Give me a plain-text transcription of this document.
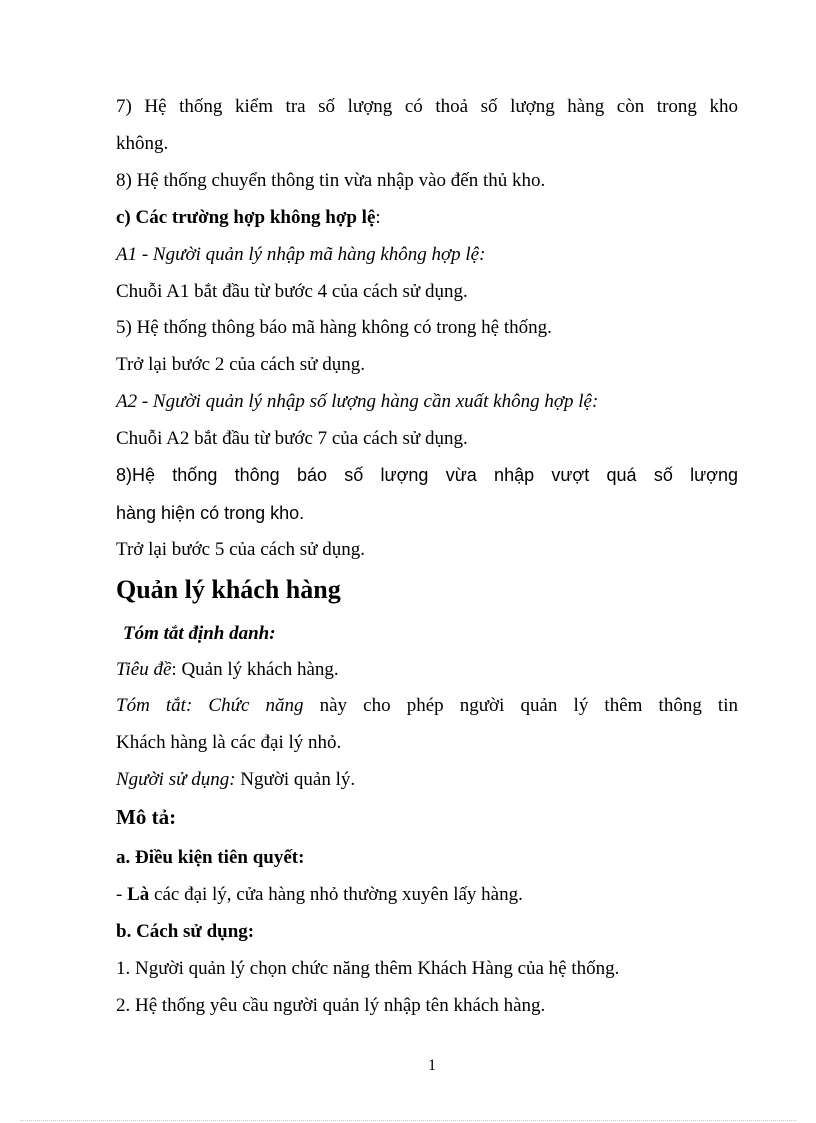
7) Hệ thống kiểm tra số lượng có thoả số lượng hàng còn trong kho
không.
8) Hệ thống chuyển thông tin vừa nhập vào đến thủ kho.
c) Các trường hợp không hợp lệ:
A1 - Người quản lý nhập mã hàng không hợp lệ:
Chuỗi A1 bắt đầu từ bước 4 của cách sử dụng.
5) Hệ thống thông báo mã hàng không có trong hệ thống.
Trở lại bước 2 của cách sử dụng.
A2 - Người quản lý nhập số lượng hàng cần xuất không hợp lệ:
Chuỗi A2 bắt đầu từ bước 7 của cách sử dụng.
8)Hệ thống thông báo số lượng vừa nhập vượt quá số lượng
hàng hiện có trong kho.
Trở lại bước 5 của cách sử dụng.
Quản lý khách hàng
Tóm tắt định danh:
Tiêu đề: Quản lý khách hàng.
Tóm tắt: Chức năng này cho phép người quản lý thêm thông tin
Khách hàng là các đại lý nhỏ.
Người sử dụng: Người quản lý.
Mô tả:
a. Điều kiện tiên quyết:
- Là các đại lý, cửa hàng nhỏ thường xuyên lấy hàng.
b. Cách sử dụng:
1. Người quản lý chọn chức năng thêm Khách Hàng của hệ thống.
2. Hệ thống yêu cầu người quản lý nhập tên khách hàng.
1
